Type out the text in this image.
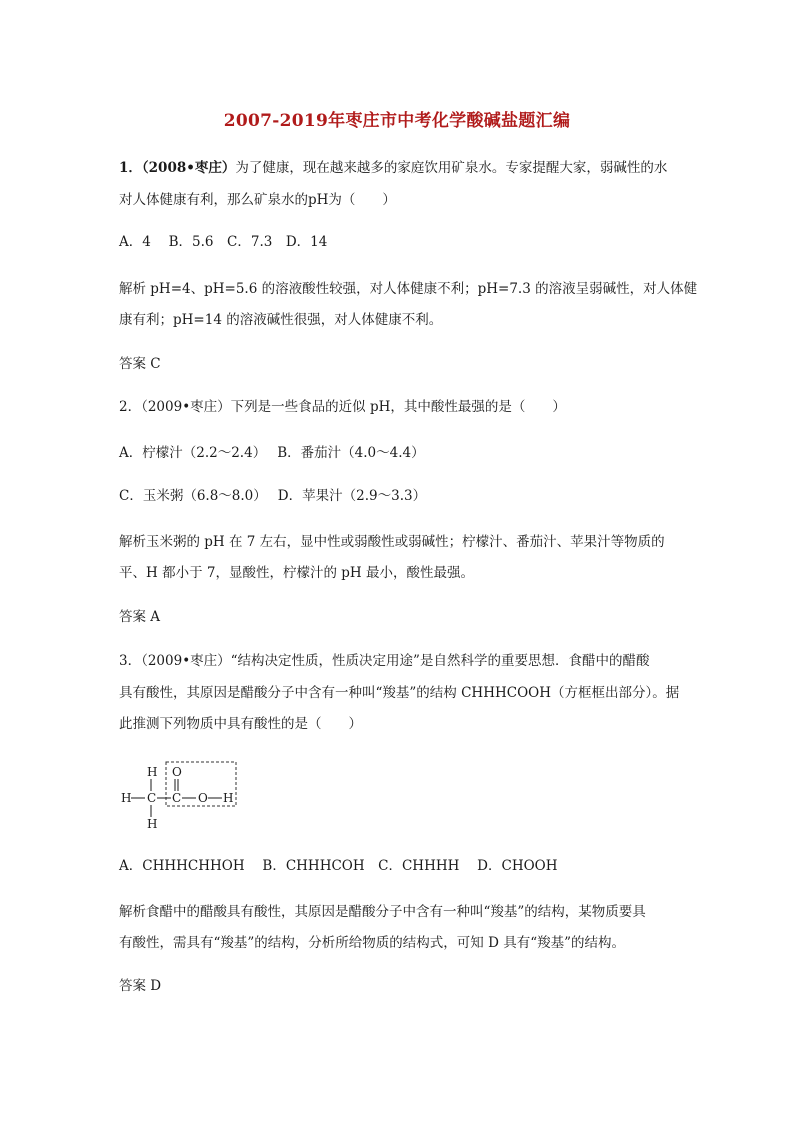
2007-2019年枣庄市中考化学酸碱盐题汇编
1．（2008•枣庄）为了健康，现在越来越多的家庭饮用矿泉水。专家提醒大家，弱碱性的水
对人体健康有利，那么矿泉水的pH为（　　）
A．4　 B．5.6　C．7.3　D．14
解析 pH=4、pH=5.6 的溶液酸性较强，对人体健康不利；pH=7.3 的溶液呈弱碱性，对人体健
康有利；pH=14 的溶液碱性很强，对人体健康不利。
答案 C
2．（2009•枣庄）下列是一些食品的近似 pH，其中酸性最强的是（　　）
A．柠檬汁（2.2～2.4）　 B．番茄汁（4.0～4.4）
C．玉米粥（6.8～8.0）　 D．苹果汁（2.9～3.3）
解析玉米粥的 pH 在 7 左右，显中性或弱酸性或弱碱性；柠檬汁、番茄汁、苹果汁等物质的
平、H 都小于 7，显酸性，柠檬汁的 pH 最小，酸性最强。
答案 A
3．（2009•枣庄）“结构决定性质，性质决定用途”是自然科学的重要思想．食醋中的醋酸
具有酸性，其原因是醋酸分子中含有一种叫“羧基”的结构 CHHHCOOH（方框框出部分）。据
此推测下列物质中具有酸性的是（　　）
H O
H C C O H
H
A．CHHHCHHOH　 B．CHHHCOH　C．CHHHH　 D．CHOOH
解析食醋中的醋酸具有酸性，其原因是醋酸分子中含有一种叫“羧基”的结构，某物质要具
有酸性，需具有“羧基”的结构，分析所给物质的结构式，可知 D 具有“羧基”的结构。
答案 D
